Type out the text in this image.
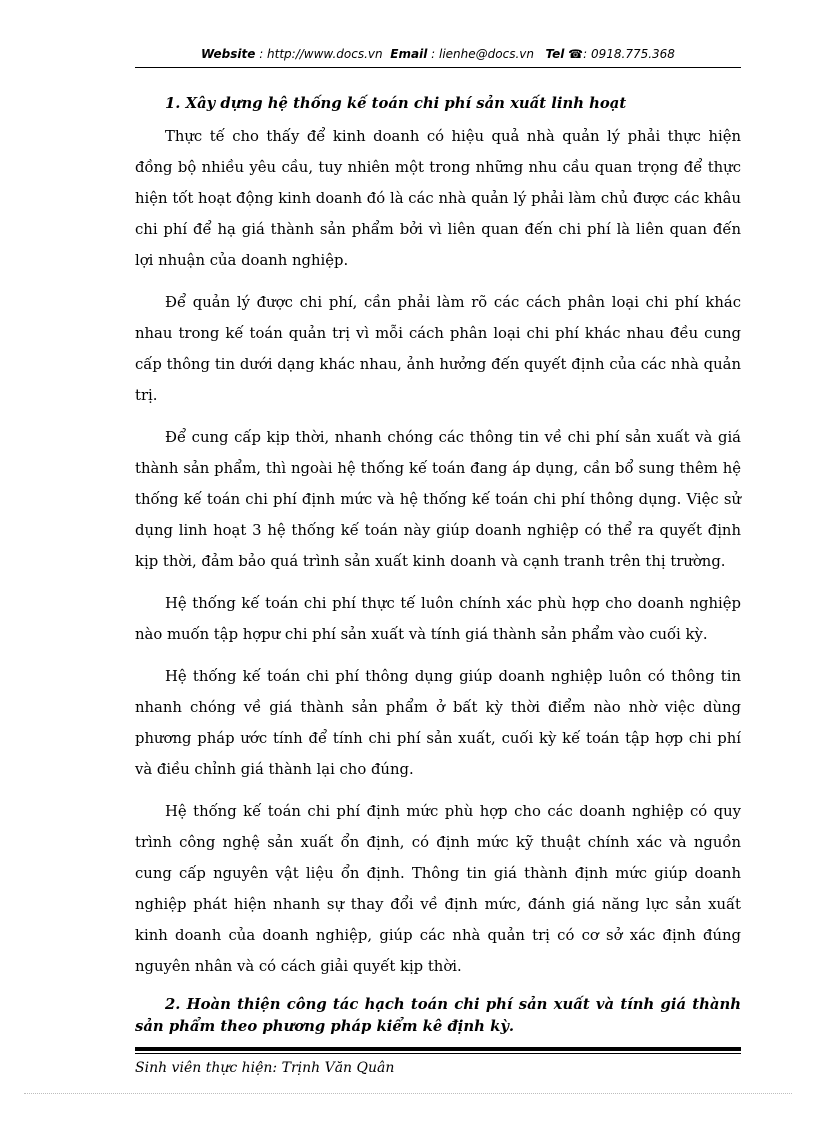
Website : http://www.docs.vn Email : lienhe@docs.vn Tel ☎: 0918.775.368

1. Xây dựng hệ thống kế toán chi phí sản xuất linh hoạt

Thực tế cho thấy để kinh doanh có hiệu quả nhà quản lý phải thực hiện đồng bộ nhiều yêu cầu, tuy nhiên một trong những nhu cầu quan trọng để thực hiện tốt hoạt động kinh doanh đó là các nhà quản lý phải làm chủ được các khâu chi phí để hạ giá thành sản phẩm bởi vì liên quan đến chi phí là liên quan đến lợi nhuận của doanh nghiệp.

Để quản lý được chi phí, cần phải làm rõ các cách phân loại chi phí khác nhau trong kế toán quản trị vì mỗi cách phân loại chi phí khác nhau đều cung cấp thông tin dưới dạng khác nhau, ảnh hưởng đến quyết định của các nhà quản trị.

Để cung cấp kịp thời, nhanh chóng các thông tin về chi phí sản xuất và giá thành sản phẩm, thì ngoài hệ thống kế toán đang áp dụng, cần bổ sung thêm hệ thống kế toán chi phí định mức và hệ thống kế toán chi phí thông dụng. Việc sử dụng linh hoạt 3 hệ thống kế toán này giúp doanh nghiệp có thể ra quyết định kịp thời, đảm bảo quá trình sản xuất kinh doanh và cạnh tranh trên thị trường.

Hệ thống kế toán chi phí thực tế luôn chính xác phù hợp cho doanh nghiệp nào muốn tập hợpư chi phí sản xuất và tính giá thành sản phẩm vào cuối kỳ.

Hệ thống kế toán chi phí thông dụng giúp doanh nghiệp luôn có thông tin nhanh chóng về giá thành sản phẩm ở bất kỳ thời điểm nào nhờ việc dùng phương pháp ước tính để tính chi phí sản xuất, cuối kỳ kế toán tập hợp chi phí và điều chỉnh giá thành lại cho đúng.

Hệ thống kế toán chi phí định mức phù hợp cho các doanh nghiệp có quy trình công nghệ sản xuất ổn định, có định mức kỹ thuật chính xác và nguồn cung cấp nguyên vật liệu ổn định. Thông tin giá thành định mức giúp doanh nghiệp phát hiện nhanh sự thay đổi về định mức, đánh giá năng lực sản xuất kinh doanh của doanh nghiệp, giúp các nhà quản trị có cơ sở xác định đúng nguyên nhân và có cách giải quyết kịp thời.

2. Hoàn thiện công tác hạch toán chi phí sản xuất và tính giá thành sản phẩm theo phương pháp kiểm kê định kỳ.

Sinh viên thực hiện: Trịnh Văn Quân
